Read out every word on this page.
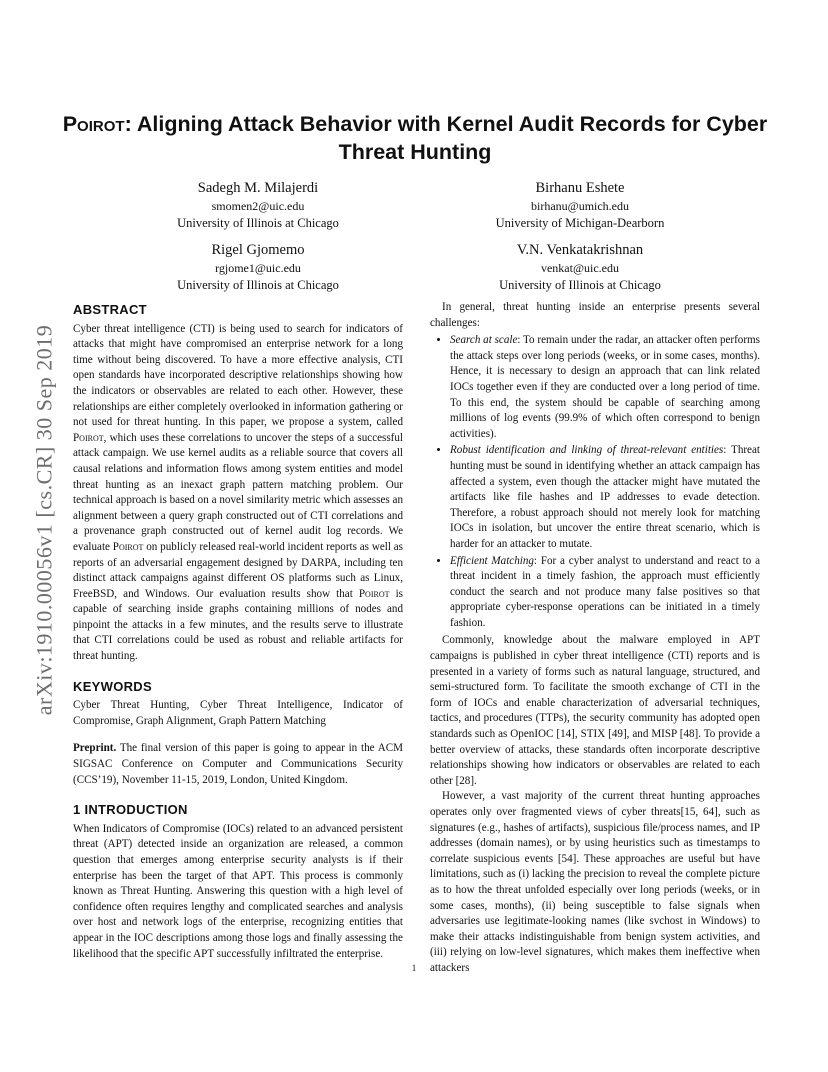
arXiv:1910.00056v1 [cs.CR] 30 Sep 2019
Poirot: Aligning Attack Behavior with Kernel Audit Records for Cyber Threat Hunting
Sadegh M. Milajerdi
smomen2@uic.edu
University of Illinois at Chicago
Birhanu Eshete
birhanu@umich.edu
University of Michigan-Dearborn
Rigel Gjomemo
rgjome1@uic.edu
University of Illinois at Chicago
V.N. Venkatakrishnan
venkat@uic.edu
University of Illinois at Chicago
ABSTRACT

Cyber threat intelligence (CTI) is being used to search for indicators of attacks that might have compromised an enterprise network for a long time without being discovered. To have a more effective analysis, CTI open standards have incorporated descriptive relationships showing how the indicators or observables are related to each other. However, these relationships are either completely overlooked in information gathering or not used for threat hunting. In this paper, we propose a system, called Poirot, which uses these correlations to uncover the steps of a successful attack campaign. We use kernel audits as a reliable source that covers all causal relations and information flows among system entities and model threat hunting as an inexact graph pattern matching problem. Our technical approach is based on a novel similarity metric which assesses an alignment between a query graph constructed out of CTI correlations and a provenance graph constructed out of kernel audit log records. We evaluate Poirot on publicly released real-world incident reports as well as reports of an adversarial engagement designed by DARPA, including ten distinct attack campaigns against different OS platforms such as Linux, FreeBSD, and Windows. Our evaluation results show that Poirot is capable of searching inside graphs containing millions of nodes and pinpoint the attacks in a few minutes, and the results serve to illustrate that CTI correlations could be used as robust and reliable artifacts for threat hunting.

KEYWORDS

Cyber Threat Hunting, Cyber Threat Intelligence, Indicator of Compromise, Graph Alignment, Graph Pattern Matching

Preprint. The final version of this paper is going to appear in the ACM SIGSAC Conference on Computer and Communications Security (CCS’19), November 11-15, 2019, London, United Kingdom.

1 INTRODUCTION

When Indicators of Compromise (IOCs) related to an advanced persistent threat (APT) detected inside an organization are released, a common question that emerges among enterprise security analysts is if their enterprise has been the target of that APT. This process is commonly known as Threat Hunting. Answering this question with a high level of confidence often requires lengthy and complicated searches and analysis over host and network logs of the enterprise, recognizing entities that appear in the IOC descriptions among those logs and finally assessing the likelihood that the specific APT successfully infiltrated the enterprise.

In general, threat hunting inside an enterprise presents several challenges:

• Search at scale: To remain under the radar, an attacker often performs the attack steps over long periods (weeks, or in some cases, months). Hence, it is necessary to design an approach that can link related IOCs together even if they are conducted over a long period of time. To this end, the system should be capable of searching among millions of log events (99.9% of which often correspond to benign activities).
• Robust identification and linking of threat-relevant entities: Threat hunting must be sound in identifying whether an attack campaign has affected a system, even though the attacker might have mutated the artifacts like file hashes and IP addresses to evade detection. Therefore, a robust approach should not merely look for matching IOCs in isolation, but uncover the entire threat scenario, which is harder for an attacker to mutate.
• Efficient Matching: For a cyber analyst to understand and react to a threat incident in a timely fashion, the approach must efficiently conduct the search and not produce many false positives so that appropriate cyber-response operations can be initiated in a timely fashion.

Commonly, knowledge about the malware employed in APT campaigns is published in cyber threat intelligence (CTI) reports and is presented in a variety of forms such as natural language, structured, and semi-structured form. To facilitate the smooth exchange of CTI in the form of IOCs and enable characterization of adversarial techniques, tactics, and procedures (TTPs), the security community has adopted open standards such as OpenIOC [14], STIX [49], and MISP [48]. To provide a better overview of attacks, these standards often incorporate descriptive relationships showing how indicators or observables are related to each other [28].

However, a vast majority of the current threat hunting approaches operates only over fragmented views of cyber threats[15, 64], such as signatures (e.g., hashes of artifacts), suspicious file/process names, and IP addresses (domain names), or by using heuristics such as timestamps to correlate suspicious events [54]. These approaches are useful but have limitations, such as (i) lacking the precision to reveal the complete picture as to how the threat unfolded especially over long periods (weeks, or in some cases, months), (ii) being susceptible to false signals when adversaries use legitimate-looking names (like svchost in Windows) to make their attacks indistinguishable from benign system activities, and (iii) relying on low-level signatures, which makes them ineffective when attackers

1
